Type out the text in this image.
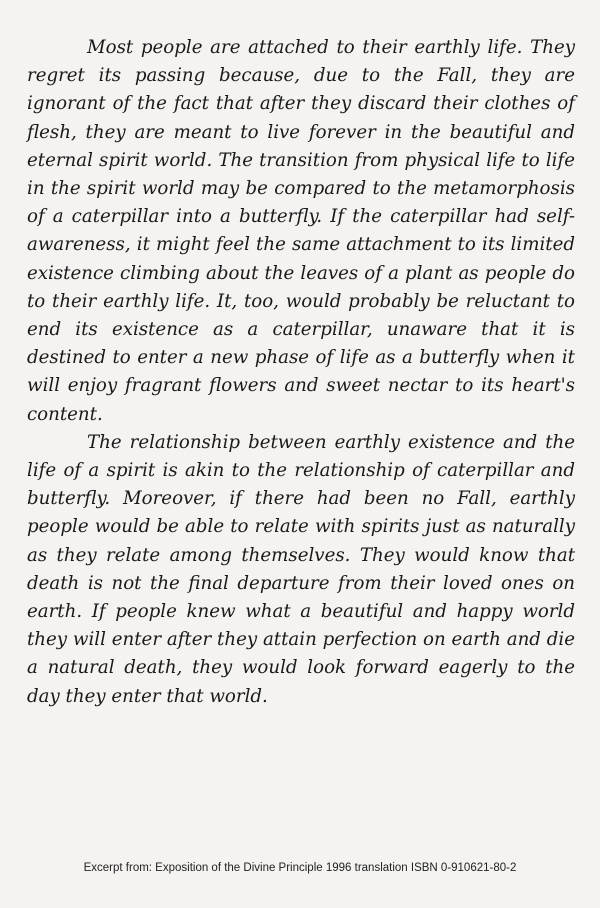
Most people are attached to their earthly life. They regret its passing because, due to the Fall, they are ignorant of the fact that after they discard their clothes of flesh, they are meant to live forever in the beautiful and eternal spirit world. The transition from physical life to life in the spirit world may be compared to the metamorphosis of a caterpillar into a butterfly. If the caterpillar had self-awareness, it might feel the same attachment to its limited existence climbing about the leaves of a plant as people do to their earthly life. It, too, would probably be reluctant to end its existence as a caterpillar, unaware that it is destined to enter a new phase of life as a butterfly when it will enjoy fragrant flowers and sweet nectar to its heart's content.

The relationship between earthly existence and the life of a spirit is akin to the relationship of caterpillar and butterfly. Moreover, if there had been no Fall, earthly people would be able to relate with spirits just as naturally as they relate among themselves. They would know that death is not the final departure from their loved ones on earth. If people knew what a beautiful and happy world they will enter after they attain perfection on earth and die a natural death, they would look forward eagerly to the day they enter that world.

Excerpt from: Exposition of the Divine Principle 1996 translation ISBN 0-910621-80-2
